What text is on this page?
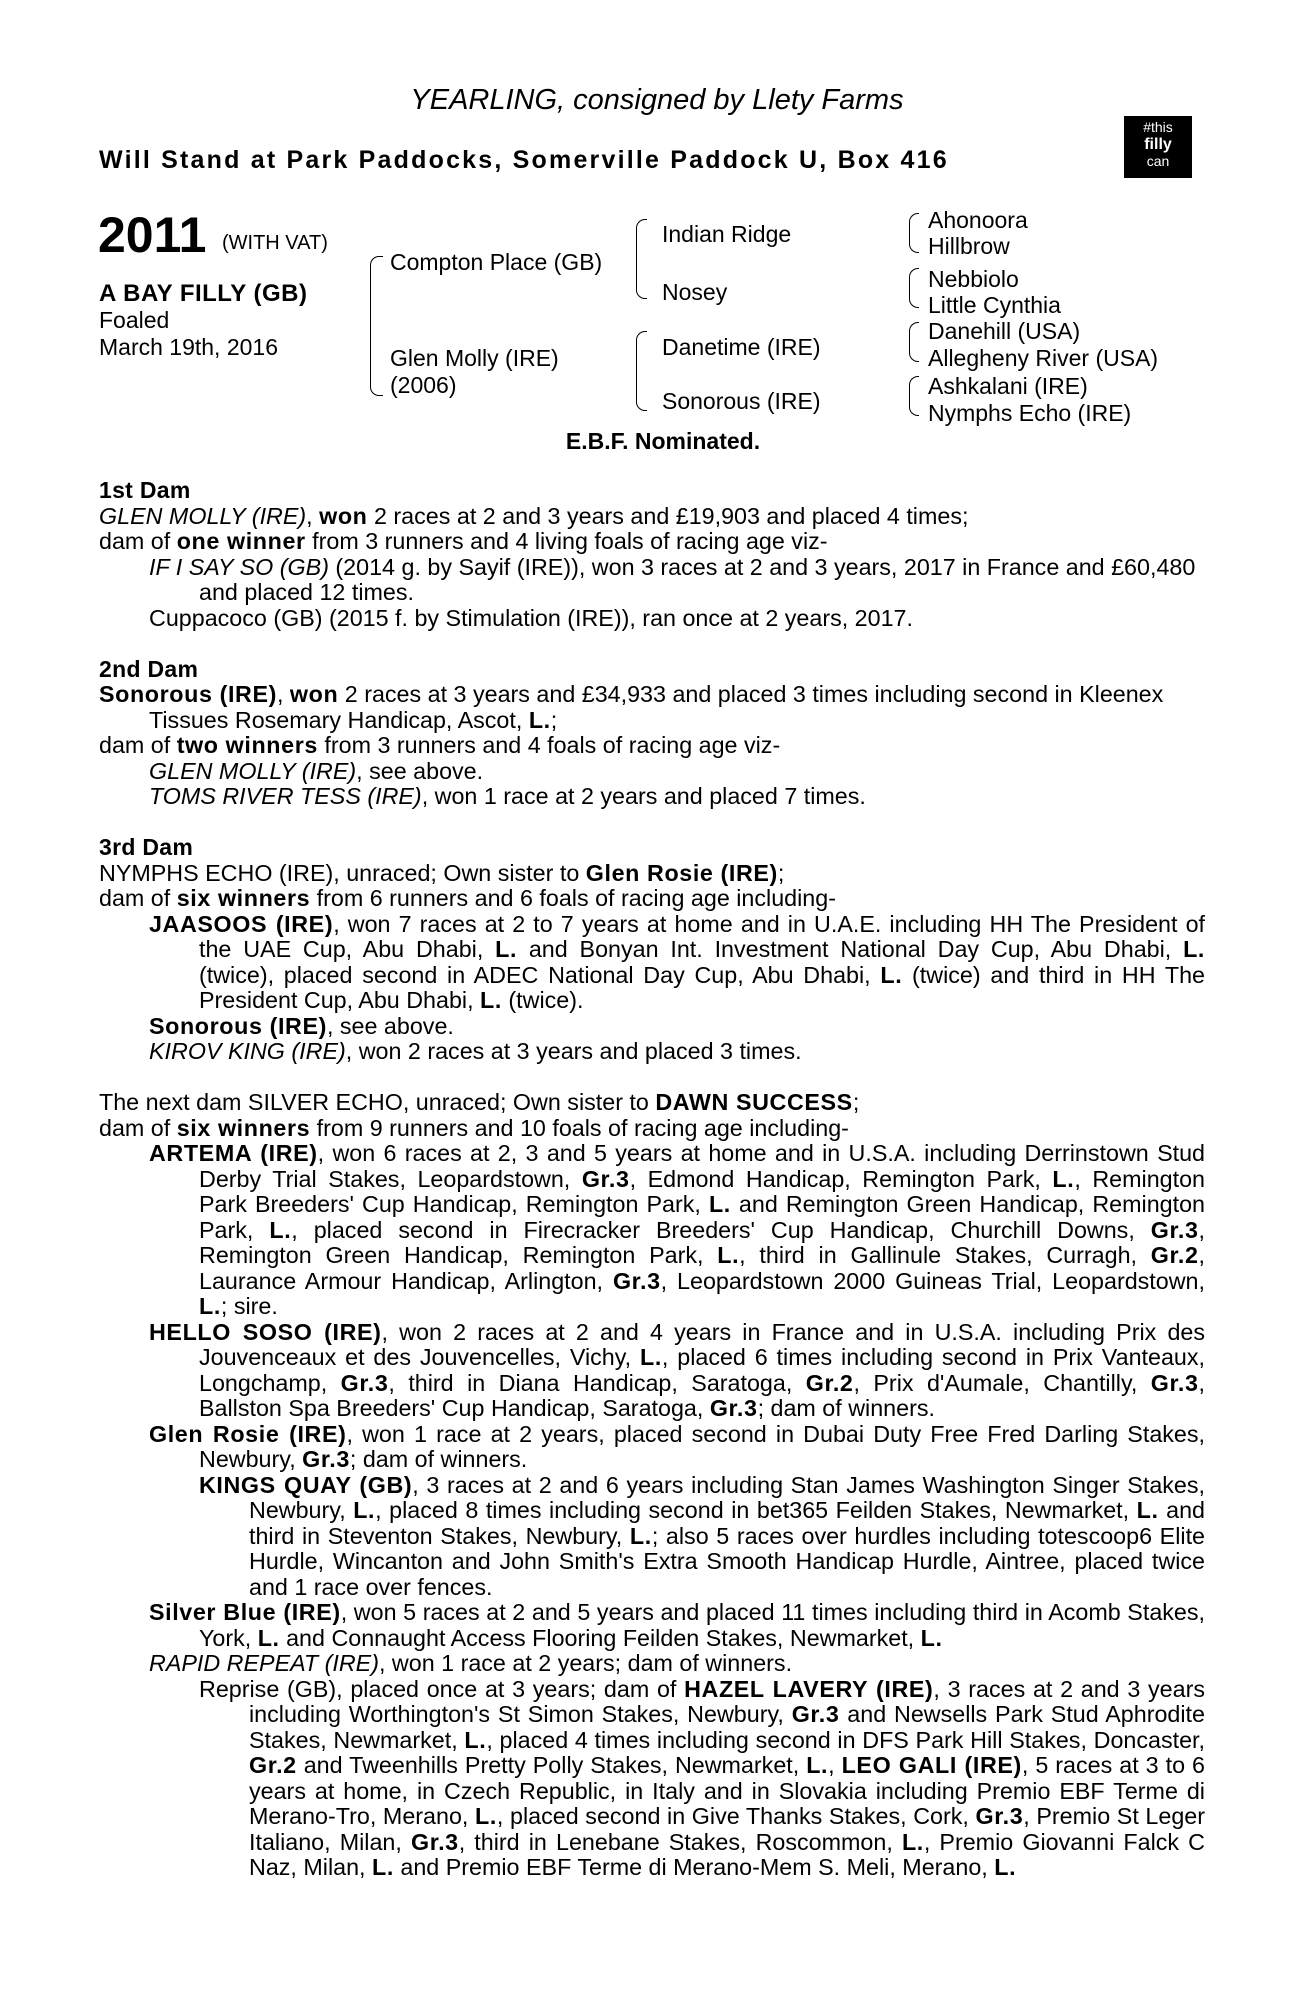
YEARLING, consigned by Llety Farms
Will Stand at Park Paddocks, Somerville Paddock U, Box 416
#this
filly
can
2011 (WITH VAT)
A BAY FILLY (GB)
Foaled
March 19th, 2016
Compton Place (GB)
Glen Molly (IRE)
(2006)
Indian Ridge
Nosey
Danetime (IRE)
Sonorous (IRE)
Ahonoora
Hillbrow
Nebbiolo
Little Cynthia
Danehill (USA)
Allegheny River (USA)
Ashkalani (IRE)
Nymphs Echo (IRE)
E.B.F. Nominated.

1st Dam

GLEN MOLLY (IRE), won 2 races at 2 and 3 years and £19,903 and placed 4 times;

dam of one winner from 3 runners and 4 living foals of racing age viz-

IF I SAY SO (GB) (2014 g. by Sayif (IRE)), won 3 races at 2 and 3 years, 2017 in France and £60,480 and placed 12 times.

Cuppacoco (GB) (2015 f. by Stimulation (IRE)), ran once at 2 years, 2017.

2nd Dam

Sonorous (IRE), won 2 races at 3 years and £34,933 and placed 3 times including second in Kleenex Tissues Rosemary Handicap, Ascot, L.;

dam of two winners from 3 runners and 4 foals of racing age viz-

GLEN MOLLY (IRE), see above.

TOMS RIVER TESS (IRE), won 1 race at 2 years and placed 7 times.

3rd Dam

NYMPHS ECHO (IRE), unraced; Own sister to Glen Rosie (IRE);

dam of six winners from 6 runners and 6 foals of racing age including-

JAASOOS (IRE), won 7 races at 2 to 7 years at home and in U.A.E. including HH The President of the UAE Cup, Abu Dhabi, L. and Bonyan Int. Investment National Day Cup, Abu Dhabi, L. (twice), placed second in ADEC National Day Cup, Abu Dhabi, L. (twice) and third in HH The President Cup, Abu Dhabi, L. (twice).

Sonorous (IRE), see above.

KIROV KING (IRE), won 2 races at 3 years and placed 3 times.

The next dam SILVER ECHO, unraced; Own sister to DAWN SUCCESS;

dam of six winners from 9 runners and 10 foals of racing age including-

ARTEMA (IRE), won 6 races at 2, 3 and 5 years at home and in U.S.A. including Derrinstown Stud Derby Trial Stakes, Leopardstown, Gr.3, Edmond Handicap, Remington Park, L., Remington Park Breeders' Cup Handicap, Remington Park, L. and Remington Green Handicap, Remington Park, L., placed second in Firecracker Breeders' Cup Handicap, Churchill Downs, Gr.3, Remington Green Handicap, Remington Park, L., third in Gallinule Stakes, Curragh, Gr.2, Laurance Armour Handicap, Arlington, Gr.3, Leopardstown 2000 Guineas Trial, Leopardstown, L.; sire.

HELLO SOSO (IRE), won 2 races at 2 and 4 years in France and in U.S.A. including Prix des Jouvenceaux et des Jouvencelles, Vichy, L., placed 6 times including second in Prix Vanteaux, Longchamp, Gr.3, third in Diana Handicap, Saratoga, Gr.2, Prix d'Aumale, Chantilly, Gr.3, Ballston Spa Breeders' Cup Handicap, Saratoga, Gr.3; dam of winners.

Glen Rosie (IRE), won 1 race at 2 years, placed second in Dubai Duty Free Fred Darling Stakes, Newbury, Gr.3; dam of winners.

KINGS QUAY (GB), 3 races at 2 and 6 years including Stan James Washington Singer Stakes, Newbury, L., placed 8 times including second in bet365 Feilden Stakes, Newmarket, L. and third in Steventon Stakes, Newbury, L.; also 5 races over hurdles including totescoop6 Elite Hurdle, Wincanton and John Smith's Extra Smooth Handicap Hurdle, Aintree, placed twice and 1 race over fences.

Silver Blue (IRE), won 5 races at 2 and 5 years and placed 11 times including third in Acomb Stakes, York, L. and Connaught Access Flooring Feilden Stakes, Newmarket, L.

RAPID REPEAT (IRE), won 1 race at 2 years; dam of winners.

Reprise (GB), placed once at 3 years; dam of HAZEL LAVERY (IRE), 3 races at 2 and 3 years including Worthington's St Simon Stakes, Newbury, Gr.3 and Newsells Park Stud Aphrodite Stakes, Newmarket, L., placed 4 times including second in DFS Park Hill Stakes, Doncaster, Gr.2 and Tweenhills Pretty Polly Stakes, Newmarket, L., LEO GALI (IRE), 5 races at 3 to 6 years at home, in Czech Republic, in Italy and in Slovakia including Premio EBF Terme di Merano-Tro, Merano, L., placed second in Give Thanks Stakes, Cork, Gr.3, Premio St Leger Italiano, Milan, Gr.3, third in Lenebane Stakes, Roscommon, L., Premio Giovanni Falck C Naz, Milan, L. and Premio EBF Terme di Merano-Mem S. Meli, Merano, L.
